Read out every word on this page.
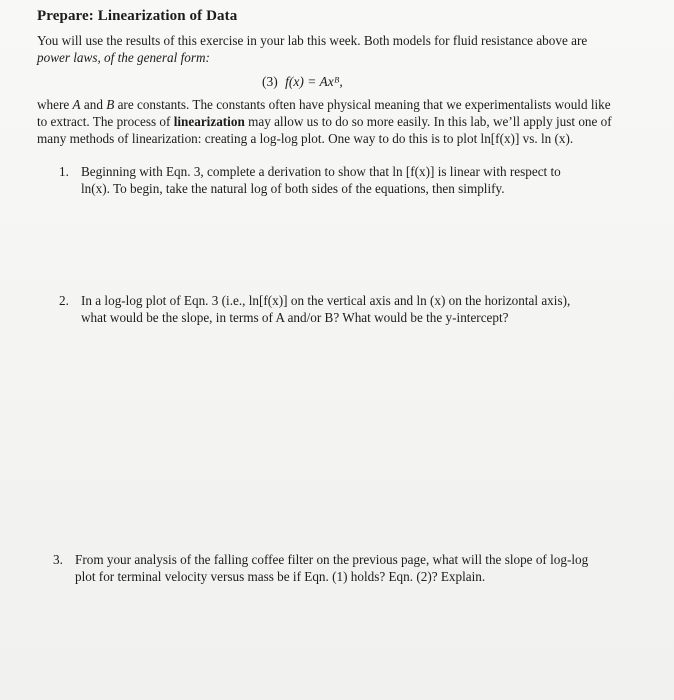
Prepare: Linearization of Data
You will use the results of this exercise in your lab this week. Both models for fluid resistance above are
power laws, of the general form:
(3) f(x) = Axᴮ,
where A and B are constants. The constants often have physical meaning that we experimentalists would like
to extract. The process of linearization may allow us to do so more easily. In this lab, we’ll apply just one of
many methods of linearization: creating a log-log plot. One way to do this is to plot ln[f(x)] vs. ln (x).
1. Beginning with Eqn. 3, complete a derivation to show that ln [f(x)] is linear with respect to
ln(x). To begin, take the natural log of both sides of the equations, then simplify.
2. In a log-log plot of Eqn. 3 (i.e., ln[f(x)] on the vertical axis and ln (x) on the horizontal axis),
what would be the slope, in terms of A and/or B? What would be the y-intercept?
3. From your analysis of the falling coffee filter on the previous page, what will the slope of log-log
plot for terminal velocity versus mass be if Eqn. (1) holds? Eqn. (2)? Explain.
